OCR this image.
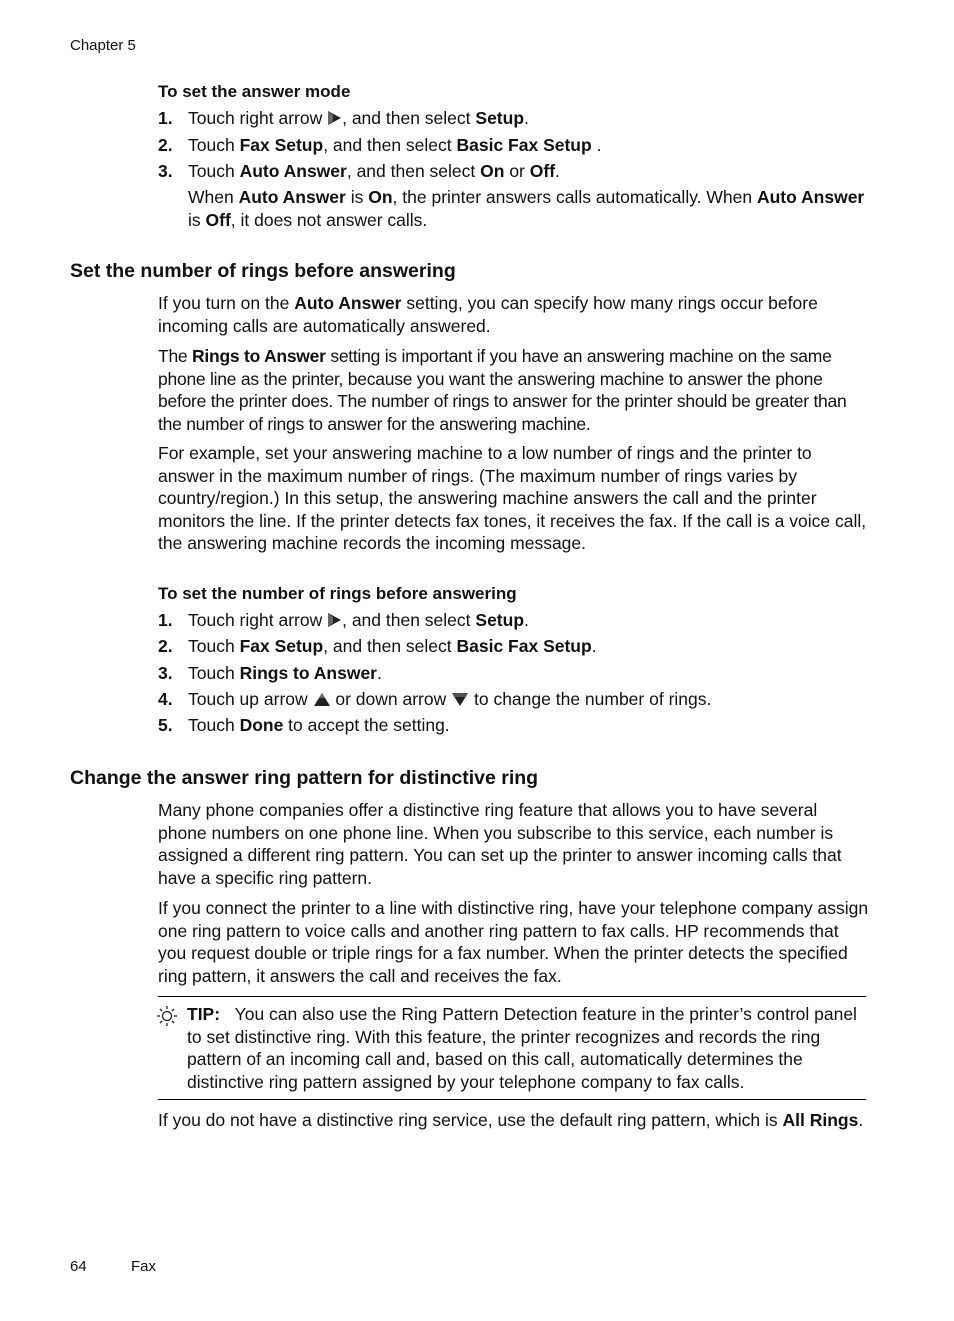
Chapter 5
To set the answer mode
1. Touch right arrow , and then select Setup.
2. Touch Fax Setup, and then select Basic Fax Setup .
3. Touch Auto Answer, and then select On or Off.
When Auto Answer is On, the printer answers calls automatically. When Auto Answer is Off, it does not answer calls.
Set the number of rings before answering
If you turn on the Auto Answer setting, you can specify how many rings occur before incoming calls are automatically answered.
The Rings to Answer setting is important if you have an answering machine on the same phone line as the printer, because you want the answering machine to answer the phone before the printer does. The number of rings to answer for the printer should be greater than the number of rings to answer for the answering machine.
For example, set your answering machine to a low number of rings and the printer to answer in the maximum number of rings. (The maximum number of rings varies by country/region.) In this setup, the answering machine answers the call and the printer monitors the line. If the printer detects fax tones, it receives the fax. If the call is a voice call, the answering machine records the incoming message.
To set the number of rings before answering
1. Touch right arrow , and then select Setup.
2. Touch Fax Setup, and then select Basic Fax Setup.
3. Touch Rings to Answer.
4. Touch up arrow  or down arrow  to change the number of rings.
5. Touch Done to accept the setting.
Change the answer ring pattern for distinctive ring
Many phone companies offer a distinctive ring feature that allows you to have several phone numbers on one phone line. When you subscribe to this service, each number is assigned a different ring pattern. You can set up the printer to answer incoming calls that have a specific ring pattern.
If you connect the printer to a line with distinctive ring, have your telephone company assign one ring pattern to voice calls and another ring pattern to fax calls. HP recommends that you request double or triple rings for a fax number. When the printer detects the specified ring pattern, it answers the call and receives the fax.
TIP: You can also use the Ring Pattern Detection feature in the printer’s control panel to set distinctive ring. With this feature, the printer recognizes and records the ring pattern of an incoming call and, based on this call, automatically determines the distinctive ring pattern assigned by your telephone company to fax calls.
If you do not have a distinctive ring service, use the default ring pattern, which is All Rings.
64	Fax
